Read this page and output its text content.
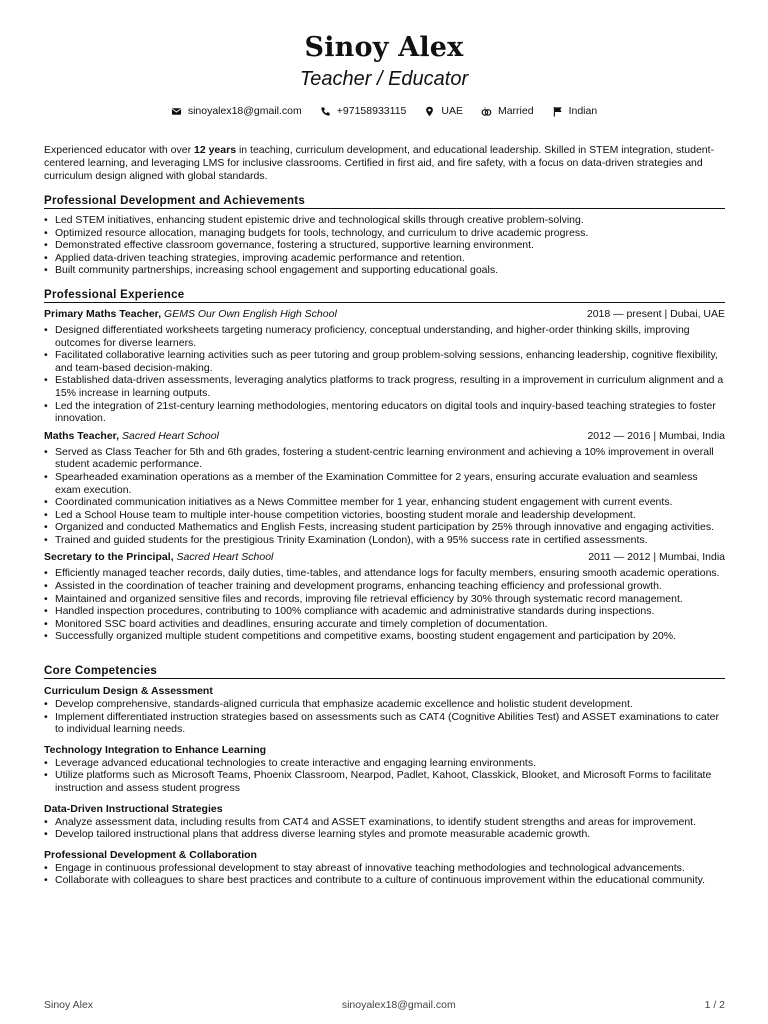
Sinoy Alex
Teacher / Educator
sinoyalex18@gmail.com	+97158933115	UAE	Married	Indian
Experienced educator with over 12 years in teaching, curriculum development, and educational leadership. Skilled in STEM integration, student-centered learning, and leveraging LMS for inclusive classrooms. Certified in first aid, and fire safety, with a focus on data-driven strategies and curriculum design aligned with global standards.
Professional Development and Achievements
• Led STEM initiatives, enhancing student epistemic drive and technological skills through creative problem-solving.
• Optimized resource allocation, managing budgets for tools, technology, and curriculum to drive academic progress.
• Demonstrated effective classroom governance, fostering a structured, supportive learning environment.
• Applied data-driven teaching strategies, improving academic performance and retention.
• Built community partnerships, increasing school engagement and supporting educational goals.
Professional Experience
Primary Maths Teacher, GEMS Our Own English High School	2018 — present | Dubai, UAE
• Designed differentiated worksheets targeting numeracy proficiency, conceptual understanding, and higher-order thinking skills, improving outcomes for diverse learners.
• Facilitated collaborative learning activities such as peer tutoring and group problem-solving sessions, enhancing leadership, cognitive flexibility, and team-based decision-making.
• Established data-driven assessments, leveraging analytics platforms to track progress, resulting in a improvement in curriculum alignment and a 15% increase in learning outputs.
• Led the integration of 21st-century learning methodologies, mentoring educators on digital tools and inquiry-based teaching strategies to foster innovation.
Maths Teacher, Sacred Heart School	2012 — 2016 | Mumbai, India
• Served as Class Teacher for 5th and 6th grades, fostering a student-centric learning environment and achieving a 10% improvement in overall student academic performance.
• Spearheaded examination operations as a member of the Examination Committee for 2 years, ensuring accurate evaluation and seamless exam execution.
• Coordinated communication initiatives as a News Committee member for 1 year, enhancing student engagement with current events.
• Led a School House team to multiple inter-house competition victories, boosting student morale and leadership development.
• Organized and conducted Mathematics and English Fests, increasing student participation by 25% through innovative and engaging activities.
• Trained and guided students for the prestigious Trinity Examination (London), with a 95% success rate in certified assessments.
Secretary to the Principal, Sacred Heart School	2011 — 2012 | Mumbai, India
• Efficiently managed teacher records, daily duties, time-tables, and attendance logs for faculty members, ensuring smooth academic operations.
• Assisted in the coordination of teacher training and development programs, enhancing teaching efficiency and professional growth.
• Maintained and organized sensitive files and records, improving file retrieval efficiency by 30% through systematic record management.
• Handled inspection procedures, contributing to 100% compliance with academic and administrative standards during inspections.
• Monitored SSC board activities and deadlines, ensuring accurate and timely completion of documentation.
• Successfully organized multiple student competitions and competitive exams, boosting student engagement and participation by 20%.
Core Competencies
Curriculum Design & Assessment
• Develop comprehensive, standards-aligned curricula that emphasize academic excellence and holistic student development.
• Implement differentiated instruction strategies based on assessments such as CAT4 (Cognitive Abilities Test) and ASSET examinations to cater to individual learning needs.
Technology Integration to Enhance Learning
• Leverage advanced educational technologies to create interactive and engaging learning environments.
• Utilize platforms such as Microsoft Teams, Phoenix Classroom, Nearpod, Padlet, Kahoot, Classkick, Blooket, and Microsoft Forms to facilitate instruction and assess student progress
Data-Driven Instructional Strategies
• Analyze assessment data, including results from CAT4 and ASSET examinations, to identify student strengths and areas for improvement.
• Develop tailored instructional plans that address diverse learning styles and promote measurable academic growth.
Professional Development & Collaboration
• Engage in continuous professional development to stay abreast of innovative teaching methodologies and technological advancements.
• Collaborate with colleagues to share best practices and contribute to a culture of continuous improvement within the educational community.
Sinoy Alex	sinoyalex18@gmail.com	1 / 2
